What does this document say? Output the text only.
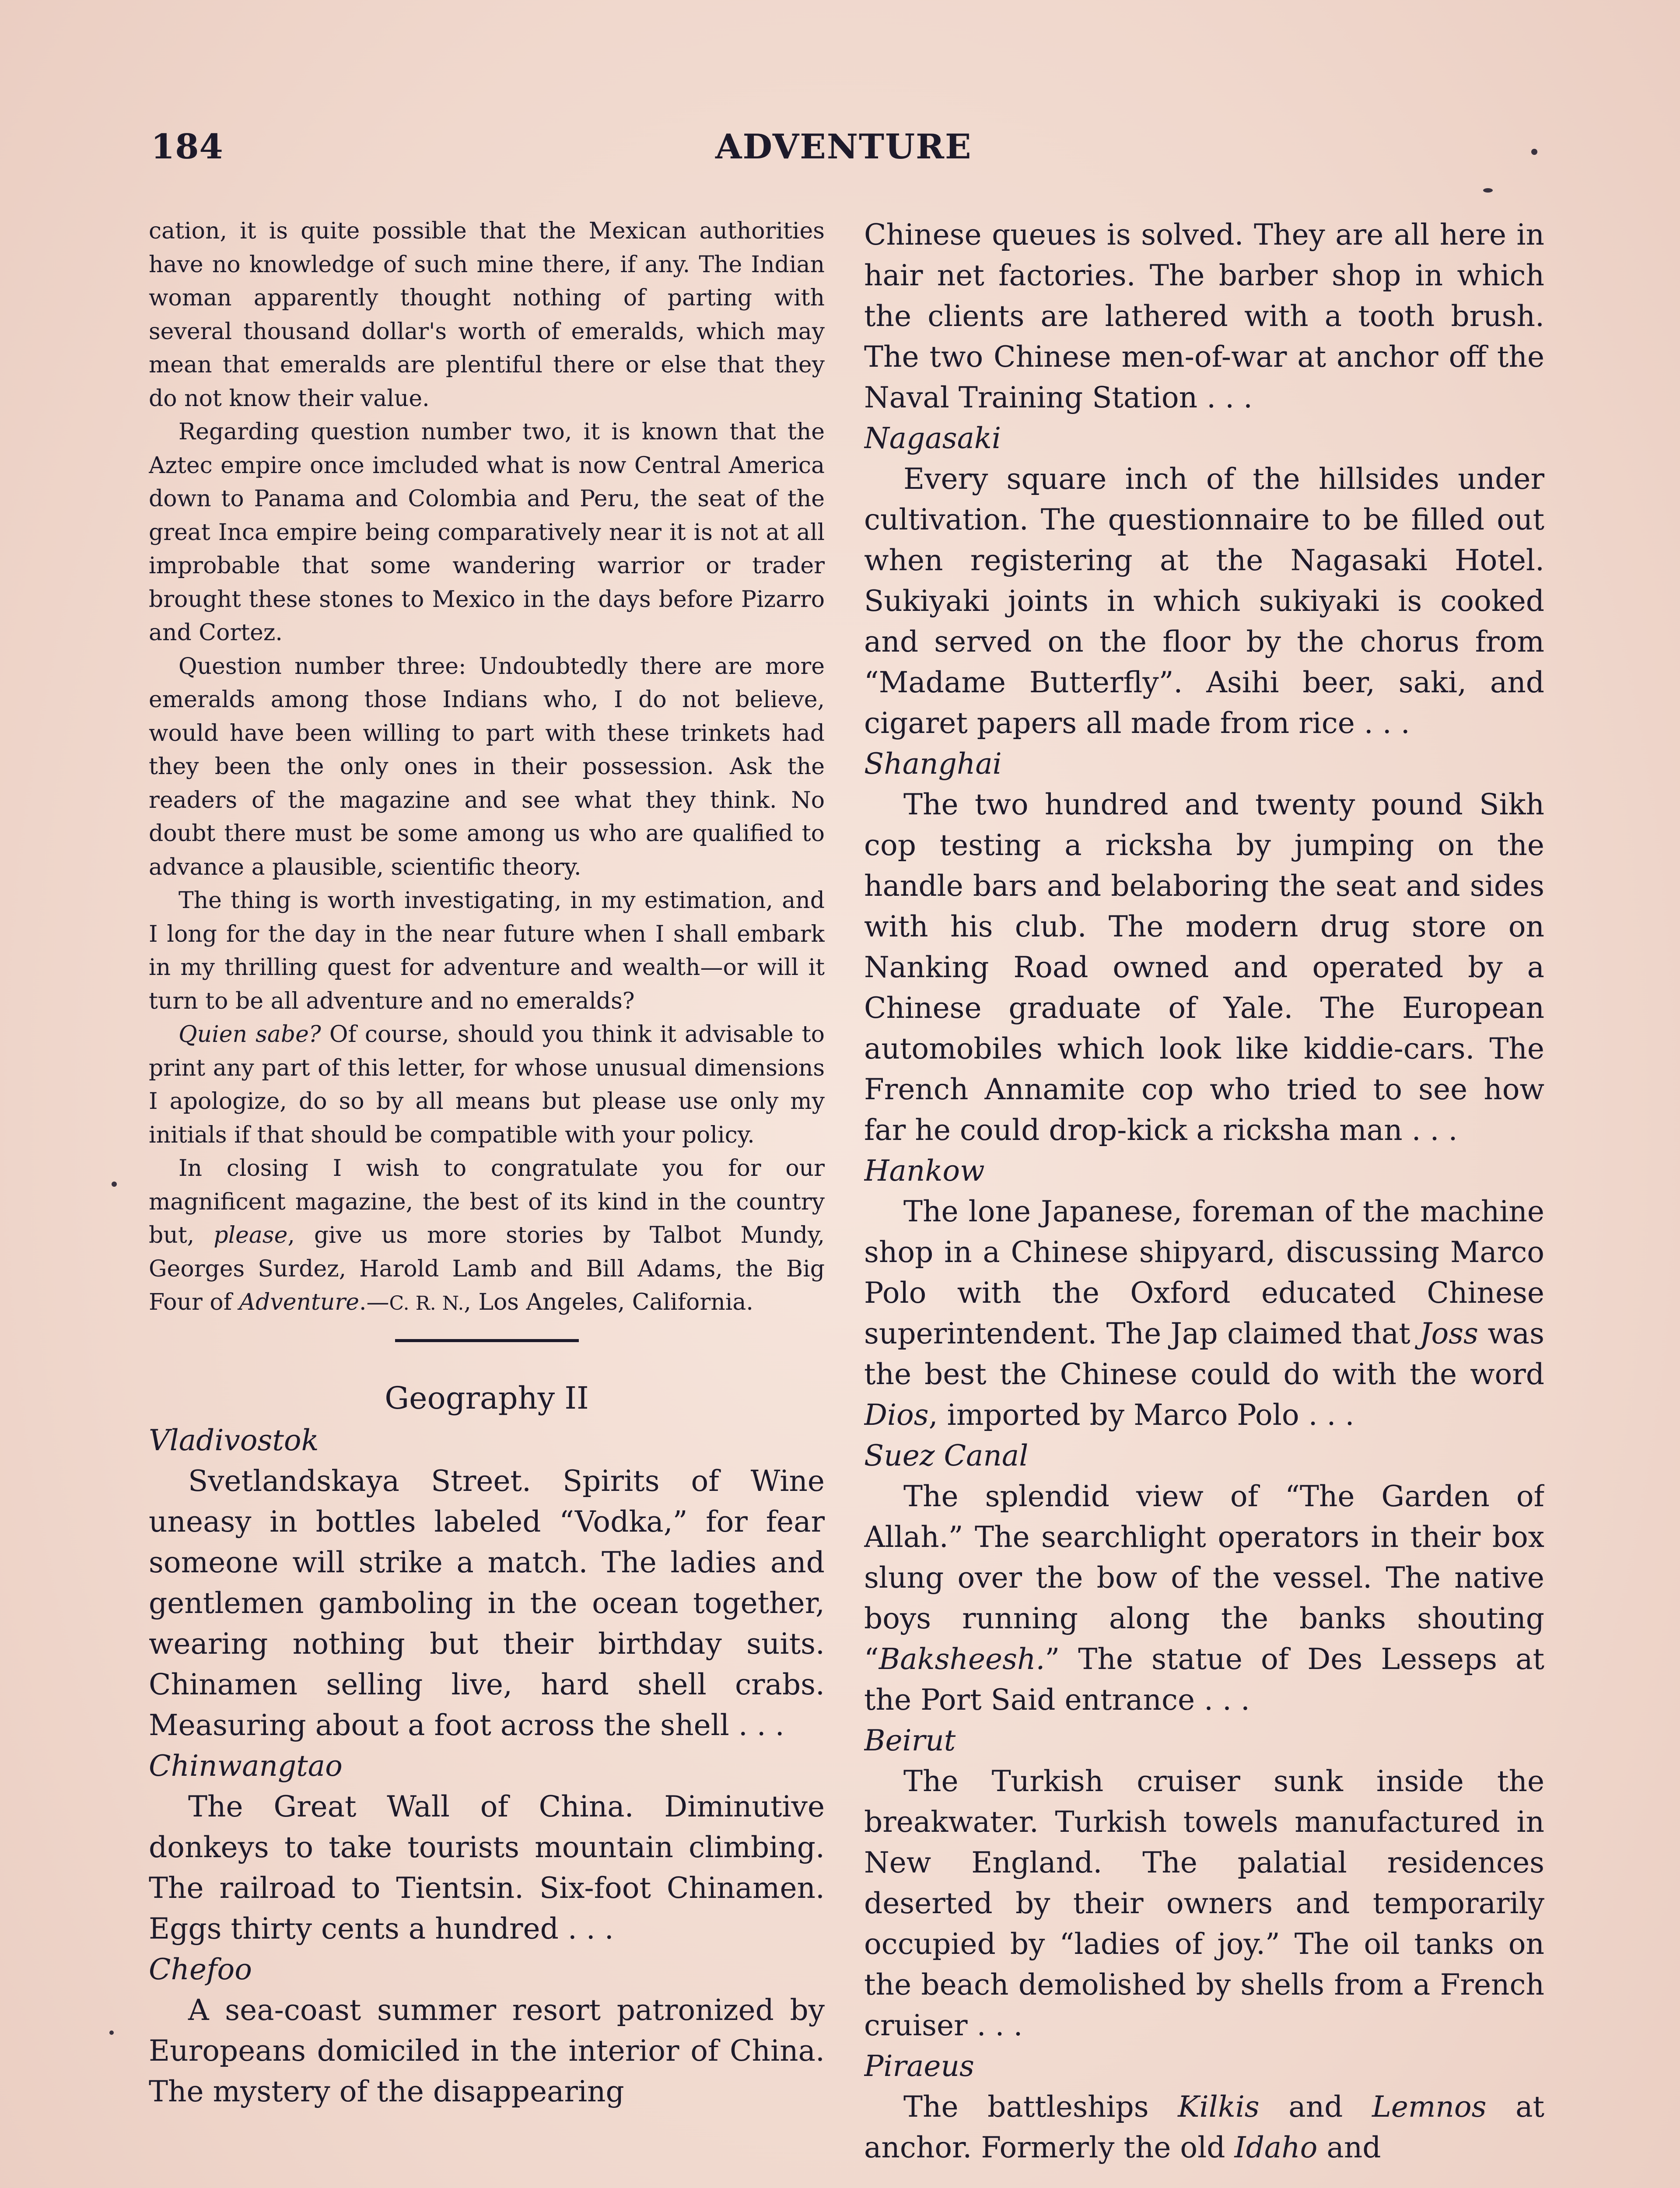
184	ADVENTURE

cation, it is quite possible that the Mexican authorities have no knowledge of such mine there, if any. The Indian woman apparently thought nothing of parting with several thousand dollar's worth of emeralds, which may mean that emeralds are plentiful there or else that they do not know their value.

Regarding question number two, it is known that the Aztec empire once imcluded what is now Central America down to Panama and Colombia and Peru, the seat of the great Inca empire being comparatively near it is not at all improbable that some wandering warrior or trader brought these stones to Mexico in the days before Pizarro and Cortez.

Question number three: Undoubtedly there are more emeralds among those Indians who, I do not believe, would have been willing to part with these trinkets had they been the only ones in their possession. Ask the readers of the magazine and see what they think. No doubt there must be some among us who are qualified to advance a plausible, scientific theory.

The thing is worth investigating, in my estimation, and I long for the day in the near future when I shall embark in my thrilling quest for adventure and wealth—or will it turn to be all adventure and no emeralds?

Quien sabe? Of course, should you think it advisable to print any part of this letter, for whose unusual dimensions I apologize, do so by all means but please use only my initials if that should be compatible with your policy.

In closing I wish to congratulate you for our magnificent magazine, the best of its kind in the country but, please, give us more stories by Talbot Mundy, Georges Surdez, Harold Lamb and Bill Adams, the Big Four of Adventure.—C. R. N., Los Angeles, California.

Geography II
Vladivostok

Svetlandskaya Street. Spirits of Wine uneasy in bottles labeled “Vodka,” for fear someone will strike a match. The ladies and gentlemen gamboling in the ocean together, wearing nothing but their birthday suits. Chinamen selling live, hard shell crabs. Measuring about a foot across the shell . . .

Chinwangtao

The Great Wall of China. Diminutive donkeys to take tourists mountain climbing. The railroad to Tientsin. Six-foot Chinamen. Eggs thirty cents a hundred . . .

Chefoo

A sea-coast summer resort patronized by Europeans domiciled in the interior of China. The mystery of the disappearing

Chinese queues is solved. They are all here in hair net factories. The barber shop in which the clients are lathered with a tooth brush. The two Chinese men-of-war at anchor off the Naval Training Station . . .

Nagasaki

Every square inch of the hillsides under cultivation. The questionnaire to be filled out when registering at the Nagasaki Hotel. Sukiyaki joints in which sukiyaki is cooked and served on the floor by the chorus from “Madame Butterfly”. Asihi beer, saki, and cigaret papers all made from rice . . .

Shanghai

The two hundred and twenty pound Sikh cop testing a ricksha by jumping on the handle bars and belaboring the seat and sides with his club. The modern drug store on Nanking Road owned and operated by a Chinese graduate of Yale. The European automobiles which look like kiddie-cars. The French Annamite cop who tried to see how far he could drop-kick a ricksha man . . .

Hankow

The lone Japanese, foreman of the machine shop in a Chinese shipyard, discussing Marco Polo with the Oxford educated Chinese superintendent. The Jap claimed that Joss was the best the Chinese could do with the word Dios, imported by Marco Polo . . .

Suez Canal

The splendid view of “The Garden of Allah.” The searchlight operators in their box slung over the bow of the vessel. The native boys running along the banks shouting “Baksheesh.” The statue of Des Lesseps at the Port Said entrance . . .

Beirut

The Turkish cruiser sunk inside the breakwater. Turkish towels manufactured in New England. The palatial residences deserted by their owners and temporarily occupied by “ladies of joy.” The oil tanks on the beach demolished by shells from a French cruiser . . .

Piraeus

The battleships Kilkis and Lemnos at anchor. Formerly the old Idaho and
